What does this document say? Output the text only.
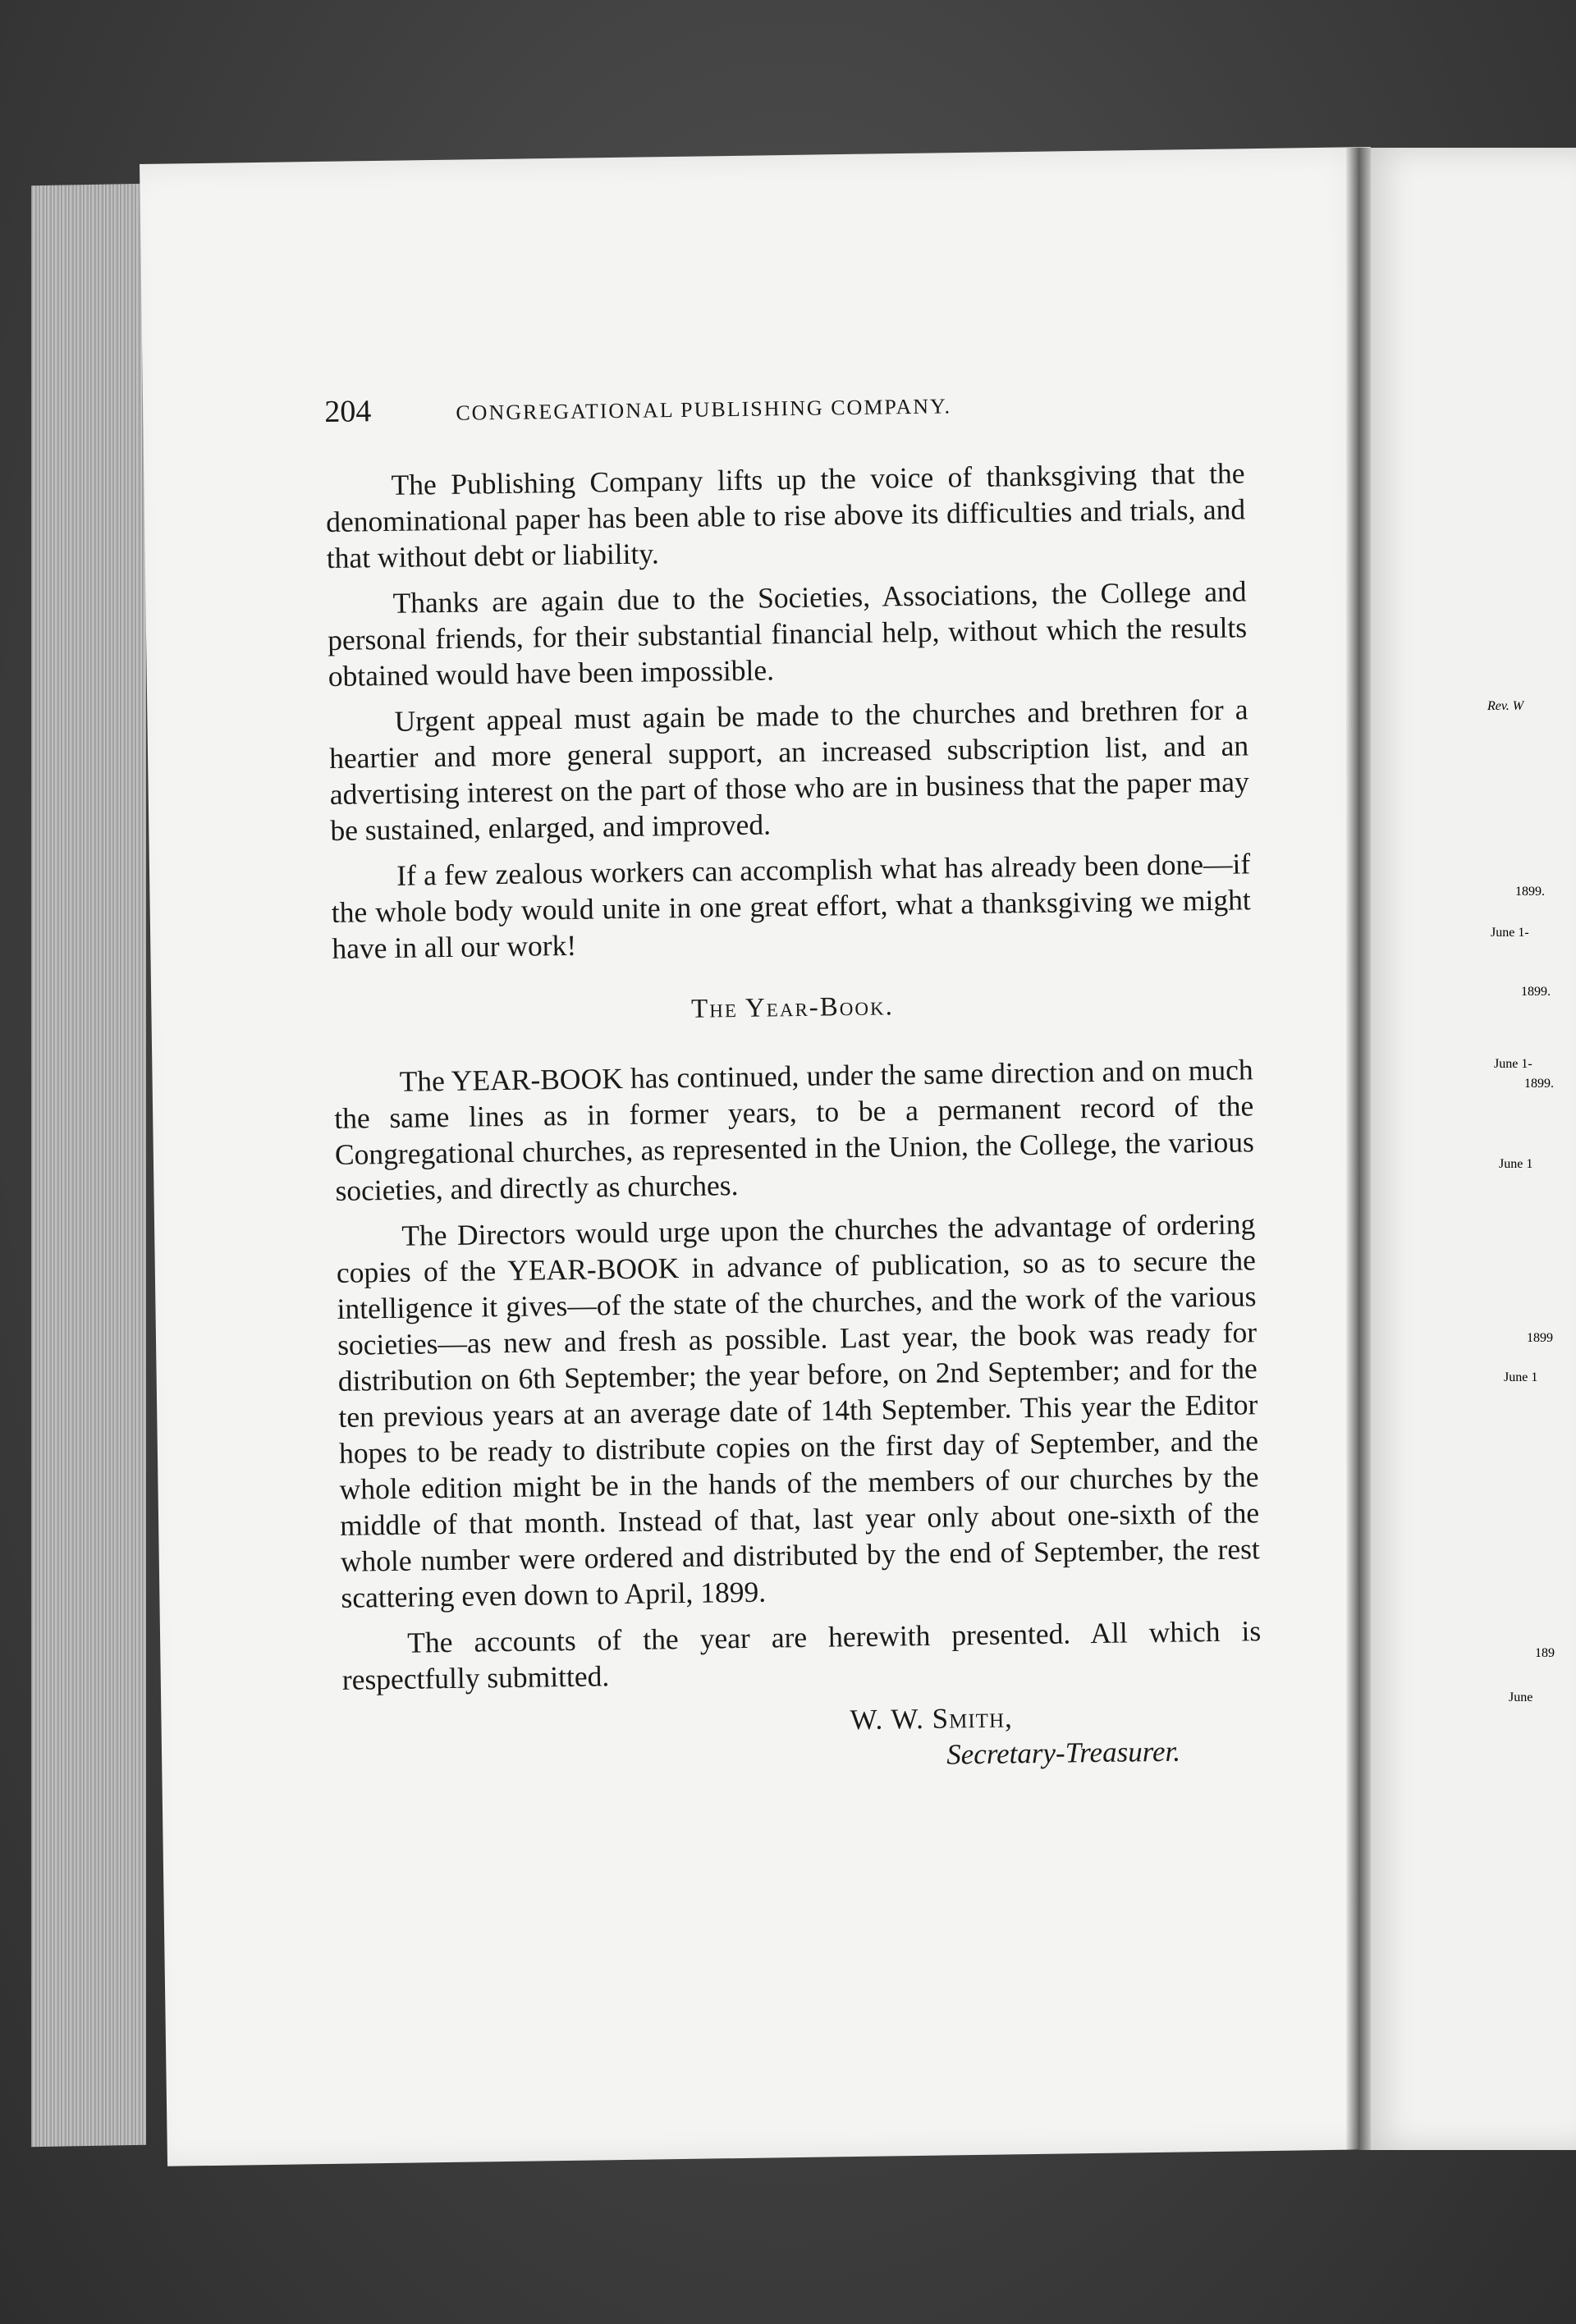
Rev. W
1899.
June 1-
1899.
June 1-
1899.
June 1
1899
June 1
189
June
204	CONGREGATIONAL PUBLISHING COMPANY.

The Publishing Company lifts up the voice of thanksgiving that the denominational paper has been able to rise above its difficulties and trials, and that without debt or liability.

Thanks are again due to the Societies, Associations, the College and personal friends, for their substantial financial help, without which the results obtained would have been impossible.

Urgent appeal must again be made to the churches and brethren for a heartier and more general support, an increased subscription list, and an advertising interest on the part of those who are in business that the paper may be sustained, enlarged, and improved.

If a few zealous workers can accomplish what has already been done—if the whole body would unite in one great effort, what a thanksgiving we might have in all our work!

The Year-Book.

The YEAR-BOOK has continued, under the same direction and on much the same lines as in former years, to be a permanent record of the Congregational churches, as represented in the Union, the College, the various societies, and directly as churches.

The Directors would urge upon the churches the advantage of ordering copies of the YEAR-BOOK in advance of publication, so as to secure the intelligence it gives—of the state of the churches, and the work of the various societies—as new and fresh as possible. Last year, the book was ready for distribution on 6th September; the year before, on 2nd September; and for the ten previous years at an average date of 14th September. This year the Editor hopes to be ready to distribute copies on the first day of September, and the whole edition might be in the hands of the members of our churches by the middle of that month. Instead of that, last year only about one-sixth of the whole number were ordered and distributed by the end of September, the rest scattering even down to April, 1899.

The accounts of the year are herewith presented. All which is respectfully submitted.

W. W. Smith,
Secretary-Treasurer.
